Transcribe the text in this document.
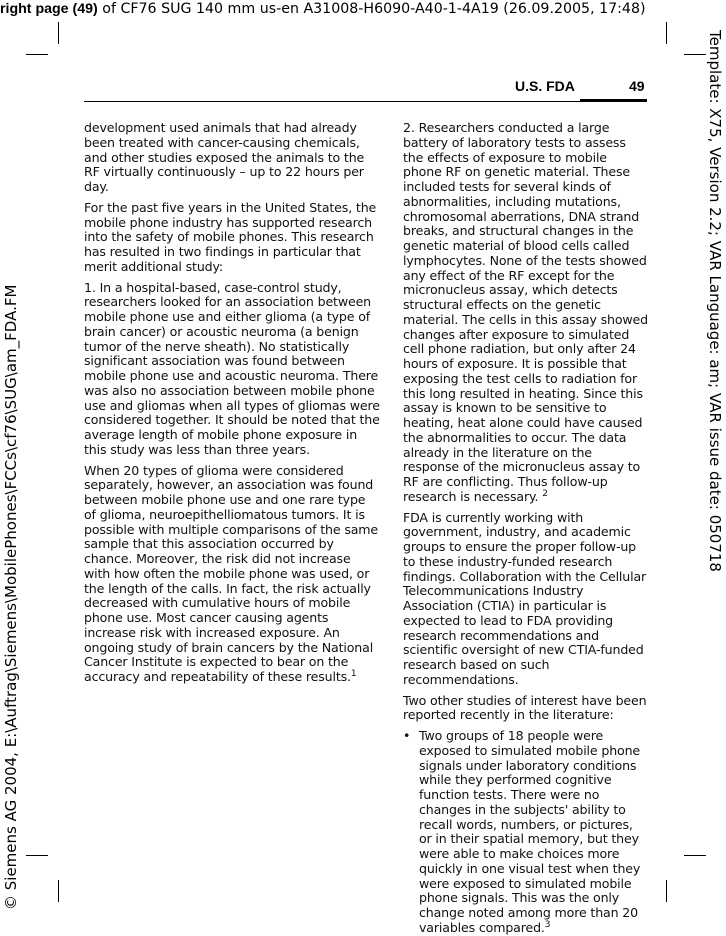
right page (49) of CF76 SUG 140 mm us-en A31008-H6090-A40-1-4A19 (26.09.2005, 17:48)
Template: X75, Version 2.2; VAR Language: am; VAR issue date: 050718
© Siemens AG 2004, E:\Auftrag\Siemens\MobilePhones\FCCs\cf76\SUG\am_FDA.FM
U.S. FDA	49

development used animals that had already been treated with cancer-causing chemicals, and other studies exposed the animals to the RF virtually continuously – up to 22 hours per day.

For the past five years in the United States, the mobile phone industry has supported research into the safety of mobile phones. This research has resulted in two findings in particular that merit additional study:

1. In a hospital-based, case-control study, researchers looked for an association between mobile phone use and either glioma (a type of brain cancer) or acoustic neuroma (a benign tumor of the nerve sheath). No statistically significant association was found between mobile phone use and acoustic neuroma. There was also no association between mobile phone use and gliomas when all types of gliomas were considered together. It should be noted that the average length of mobile phone exposure in this study was less than three years.

When 20 types of glioma were considered separately, however, an association was found between mobile phone use and one rare type of glioma, neuroepithelliomatous tumors. It is possible with multiple comparisons of the same sample that this association occurred by chance. Moreover, the risk did not increase with how often the mobile phone was used, or the length of the calls. In fact, the risk actually decreased with cumulative hours of mobile phone use. Most cancer causing agents increase risk with increased exposure. An ongoing study of brain cancers by the National Cancer Institute is expected to bear on the accuracy and repeatability of these results.$^1$

2. Researchers conducted a large battery of laboratory tests to assess the effects of exposure to mobile phone RF on genetic material. These included tests for several kinds of abnormalities, including mutations, chromosomal aberrations, DNA strand breaks, and structural changes in the genetic material of blood cells called lymphocytes. None of the tests showed any effect of the RF except for the micronucleus assay, which detects structural effects on the genetic material. The cells in this assay showed changes after exposure to simulated cell phone radiation, but only after 24 hours of exposure. It is possible that exposing the test cells to radiation for this long resulted in heating. Since this assay is known to be sensitive to heating, heat alone could have caused the abnormalities to occur. The data already in the literature on the response of the micronucleus assay to RF are conflicting. Thus follow-up research is necessary. $^2$

FDA is currently working with government, industry, and academic groups to ensure the proper follow-up to these industry-funded research findings. Collaboration with the Cellular Telecommunications Industry Association (CTIA) in particular is expected to lead to FDA providing research recommendations and scientific oversight of new CTIA-funded research based on such recommendations.

Two other studies of interest have been reported recently in the literature:

• Two groups of 18 people were exposed to simulated mobile phone signals under laboratory conditions while they performed cognitive function tests. There were no changes in the subjects' ability to recall words, numbers, or pictures, or in their spatial memory, but they were able to make choices more quickly in one visual test when they were exposed to simulated mobile phone signals. This was the only change noted among more than 20 variables compared.$^3$
